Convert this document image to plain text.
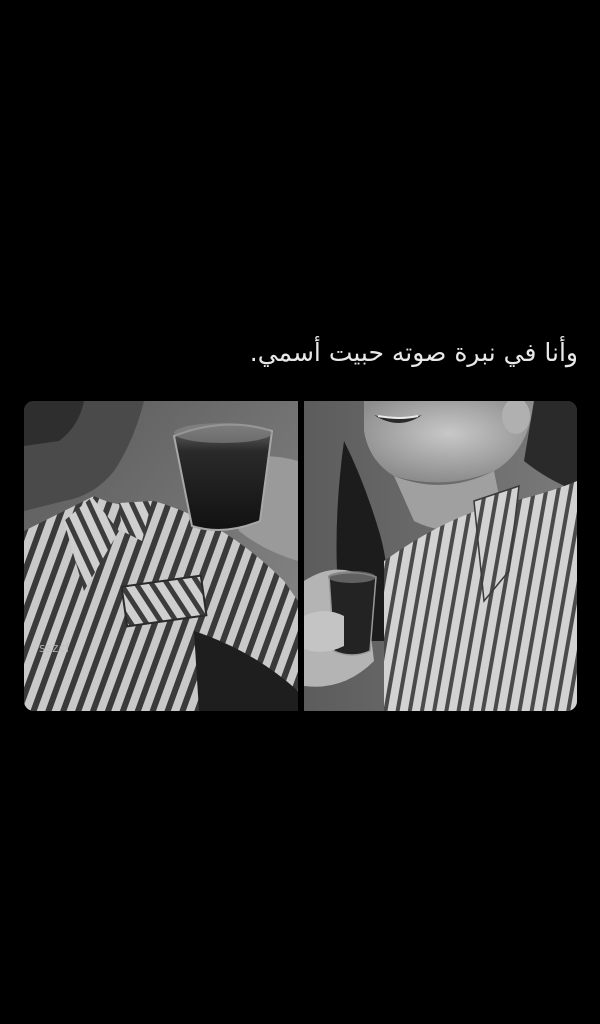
وأنا في نبرة صوته حبيت أسمي.
sszcl
